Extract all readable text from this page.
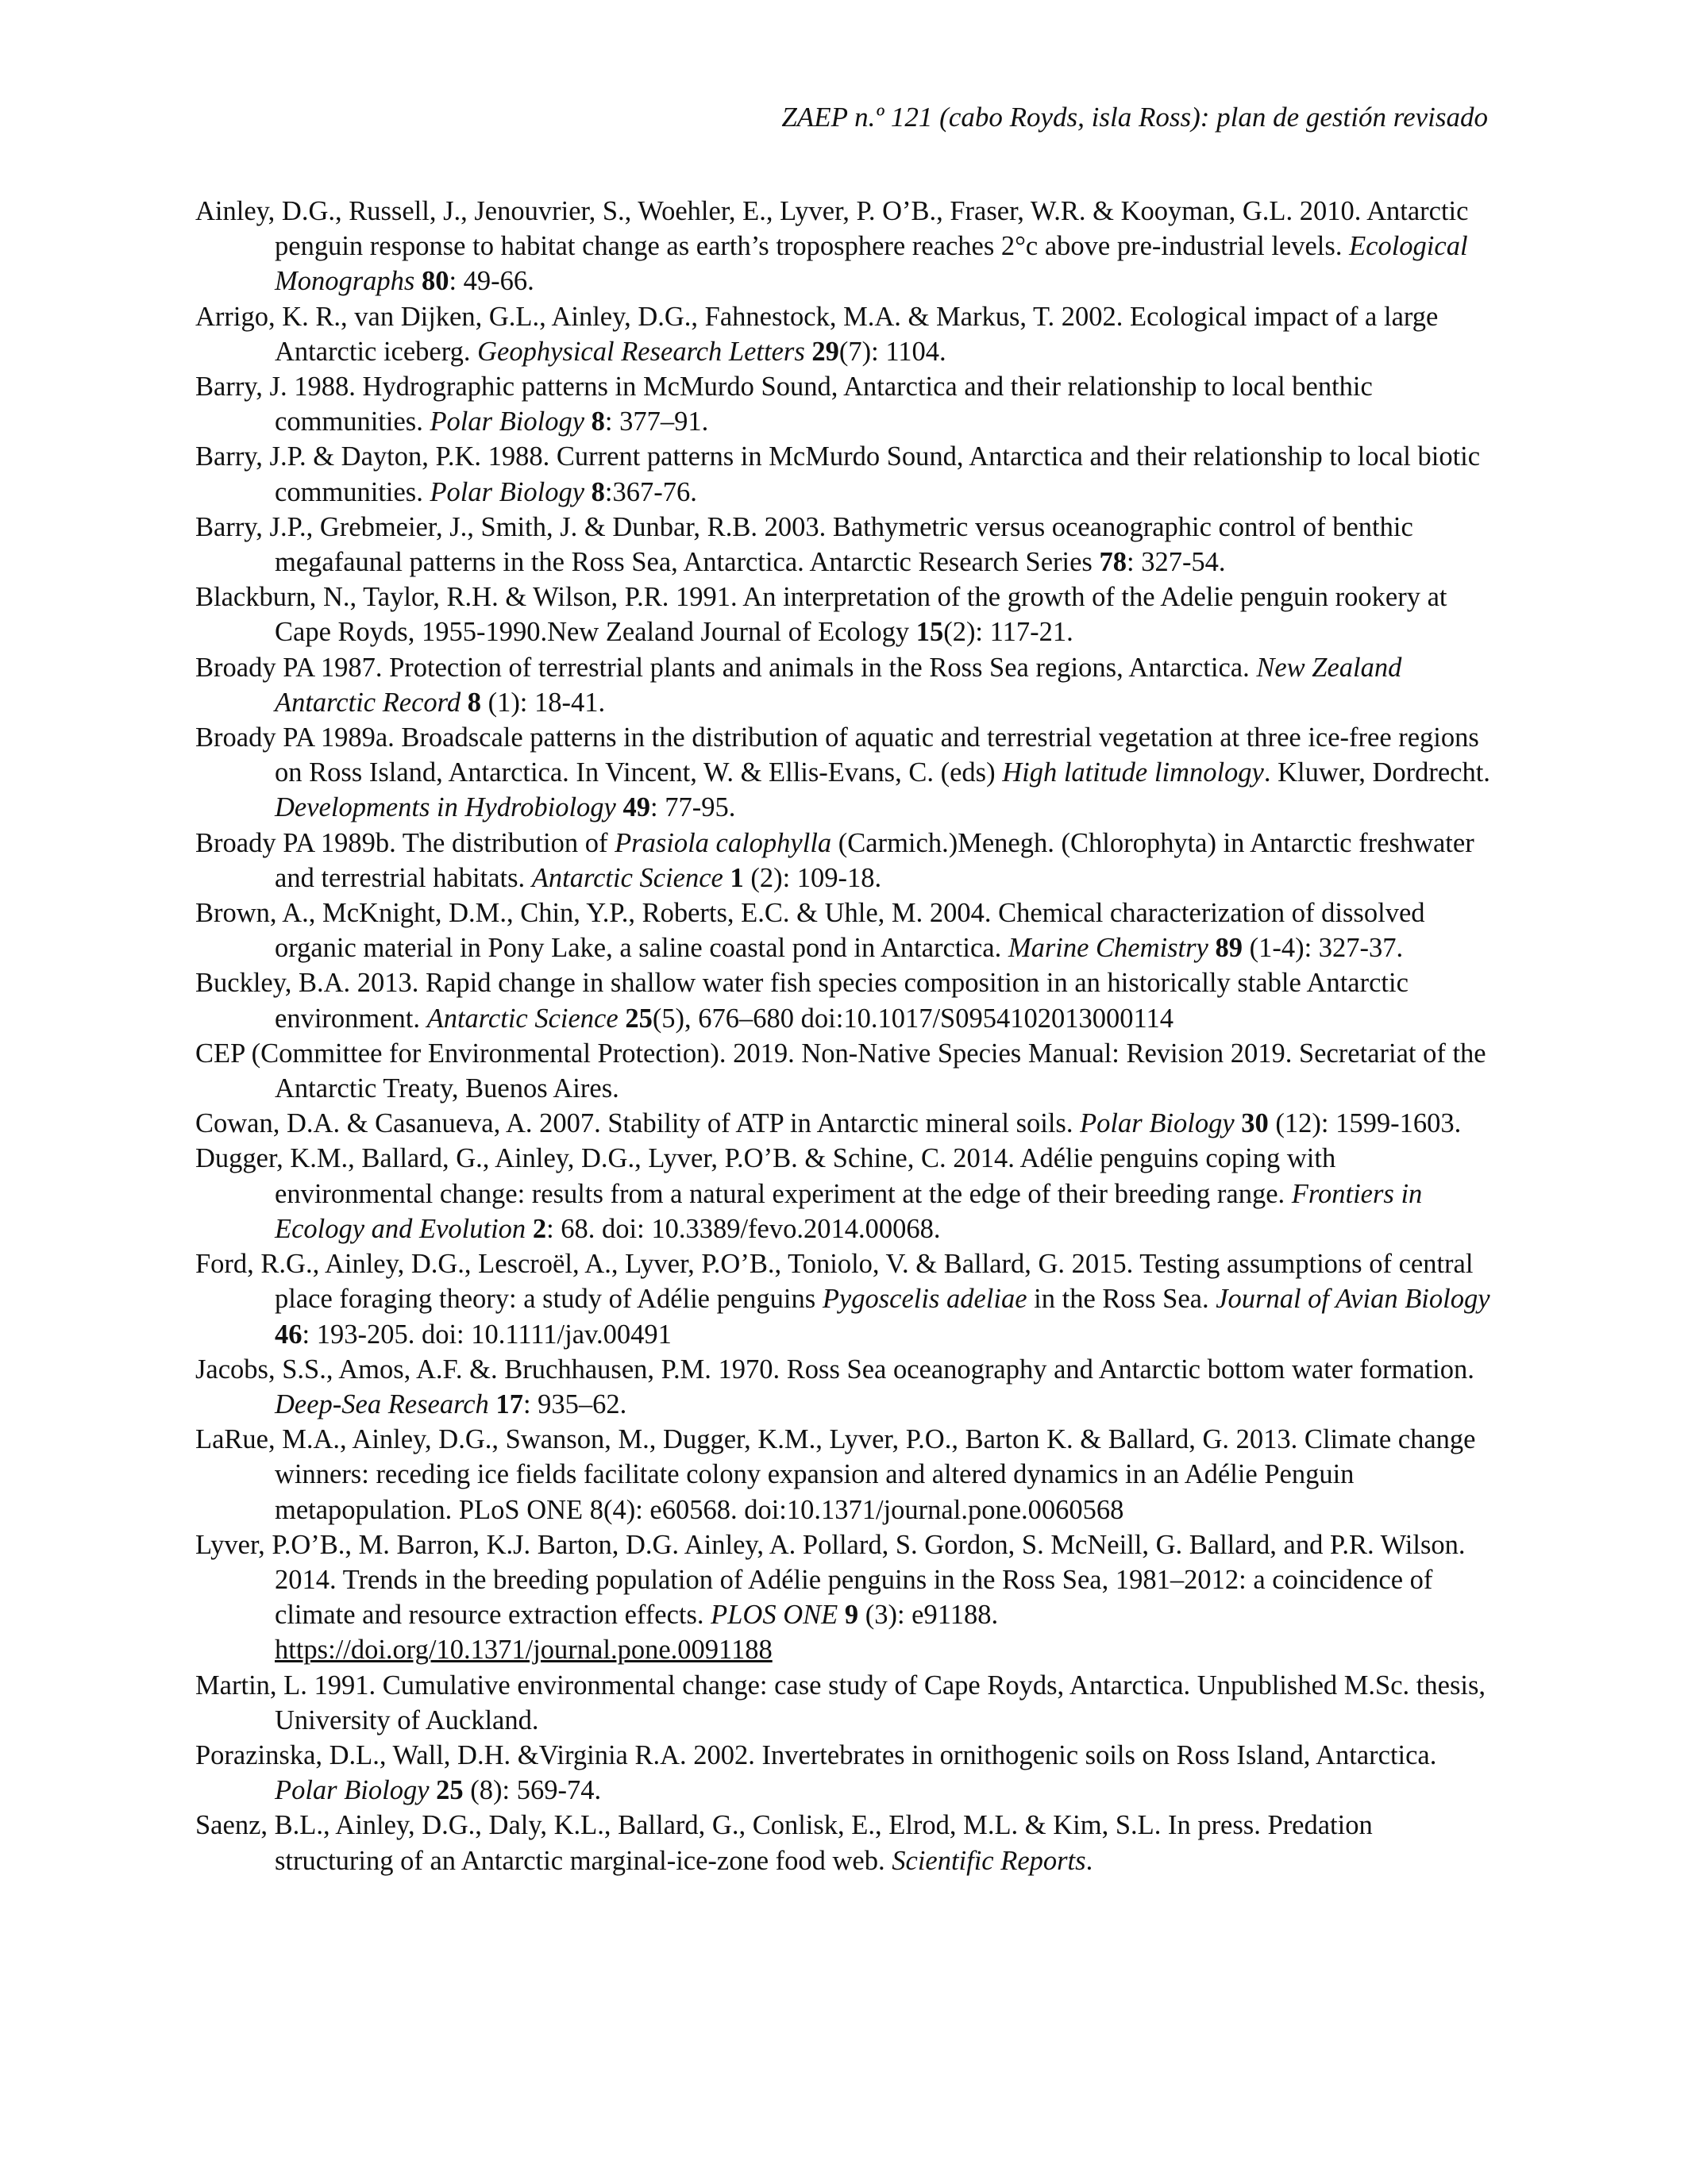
ZAEP n.º 121 (cabo Royds, isla Ross): plan de gestión revisado

Ainley, D.G., Russell, J., Jenouvrier, S., Woehler, E., Lyver, P. O’B., Fraser, W.R. & Kooyman, G.L. 2010. Antarctic penguin response to habitat change as earth’s troposphere reaches 2°c above pre-industrial levels. Ecological Monographs 80: 49-66.

Arrigo, K. R., van Dijken, G.L., Ainley, D.G., Fahnestock, M.A. & Markus, T. 2002. Ecological impact of a large Antarctic iceberg. Geophysical Research Letters 29(7): 1104.

Barry, J. 1988. Hydrographic patterns in McMurdo Sound, Antarctica and their relationship to local benthic communities. Polar Biology 8: 377–91.

Barry, J.P. & Dayton, P.K. 1988. Current patterns in McMurdo Sound, Antarctica and their relationship to local biotic communities. Polar Biology 8:367-76.

Barry, J.P., Grebmeier, J., Smith, J. & Dunbar, R.B. 2003. Bathymetric versus oceanographic control of benthic megafaunal patterns in the Ross Sea, Antarctica. Antarctic Research Series 78: 327-54.

Blackburn, N., Taylor, R.H. & Wilson, P.R. 1991. An interpretation of the growth of the Adelie penguin rookery at Cape Royds, 1955-1990.New Zealand Journal of Ecology 15(2): 117-21.

Broady PA 1987. Protection of terrestrial plants and animals in the Ross Sea regions, Antarctica. New Zealand Antarctic Record 8 (1): 18-41.

Broady PA 1989a. Broadscale patterns in the distribution of aquatic and terrestrial vegetation at three ice-free regions on Ross Island, Antarctica. In Vincent, W. & Ellis-Evans, C. (eds) High latitude limnology. Kluwer, Dordrecht. Developments in Hydrobiology 49: 77-95.

Broady PA 1989b. The distribution of Prasiola calophylla (Carmich.)Menegh. (Chlorophyta) in Antarctic freshwater and terrestrial habitats. Antarctic Science 1 (2): 109-18.

Brown, A., McKnight, D.M., Chin, Y.P., Roberts, E.C. & Uhle, M. 2004. Chemical characterization of dissolved organic material in Pony Lake, a saline coastal pond in Antarctica. Marine Chemistry 89 (1-4): 327-37.

Buckley, B.A. 2013. Rapid change in shallow water fish species composition in an historically stable Antarctic environment. Antarctic Science 25(5), 676–680 doi:10.1017/S0954102013000114

CEP (Committee for Environmental Protection). 2019. Non-Native Species Manual: Revision 2019. Secretariat of the Antarctic Treaty, Buenos Aires.

Cowan, D.A. & Casanueva, A. 2007. Stability of ATP in Antarctic mineral soils. Polar Biology 30 (12): 1599-1603.

Dugger, K.M., Ballard, G., Ainley, D.G., Lyver, P.O’B. & Schine, C. 2014. Adélie penguins coping with environmental change: results from a natural experiment at the edge of their breeding range. Frontiers in Ecology and Evolution 2: 68. doi: 10.3389/fevo.2014.00068.

Ford, R.G., Ainley, D.G., Lescroël, A., Lyver, P.O’B., Toniolo, V. & Ballard, G. 2015. Testing assumptions of central place foraging theory: a study of Adélie penguins Pygoscelis adeliae in the Ross Sea. Journal of Avian Biology 46: 193-205. doi: 10.1111/jav.00491

Jacobs, S.S., Amos, A.F. &. Bruchhausen, P.M. 1970. Ross Sea oceanography and Antarctic bottom water formation. Deep-Sea Research 17: 935–62.

LaRue, M.A., Ainley, D.G., Swanson, M., Dugger, K.M., Lyver, P.O., Barton K. & Ballard, G. 2013. Climate change winners: receding ice fields facilitate colony expansion and altered dynamics in an Adélie Penguin metapopulation. PLoS ONE 8(4): e60568. doi:10.1371/journal.pone.0060568

Lyver, P.O’B., M. Barron, K.J. Barton, D.G. Ainley, A. Pollard, S. Gordon, S. McNeill, G. Ballard, and P.R. Wilson. 2014. Trends in the breeding population of Adélie penguins in the Ross Sea, 1981–2012: a coincidence of climate and resource extraction effects. PLOS ONE 9 (3): e91188. https://doi.org/10.1371/journal.pone.0091188

Martin, L. 1991. Cumulative environmental change: case study of Cape Royds, Antarctica. Unpublished M.Sc. thesis, University of Auckland.

Porazinska, D.L., Wall, D.H. &Virginia R.A. 2002. Invertebrates in ornithogenic soils on Ross Island, Antarctica. Polar Biology 25 (8): 569-74.

Saenz, B.L., Ainley, D.G., Daly, K.L., Ballard, G., Conlisk, E., Elrod, M.L. & Kim, S.L. In press. Predation structuring of an Antarctic marginal-ice-zone food web. Scientific Reports.
